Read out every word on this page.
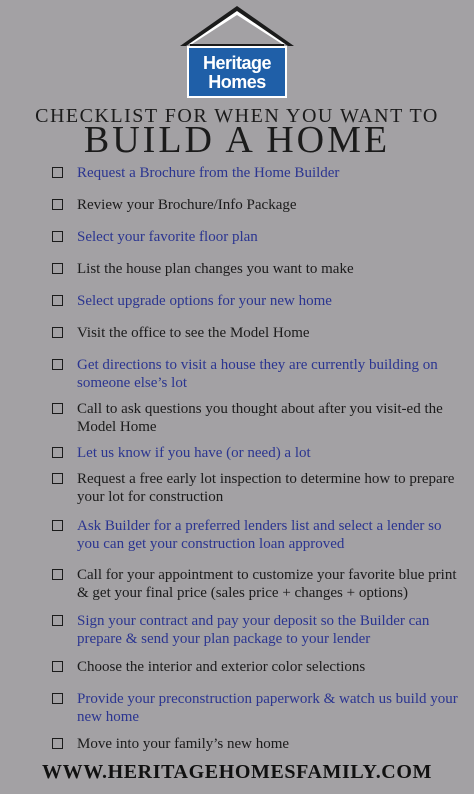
Heritage
Homes
CHECKLIST FOR WHEN YOU WANT TO
BUILD A HOME
Request a Brochure from the Home Builder
Review your Brochure/Info Package
Select your favorite floor plan
List the house plan changes you want to make
Select upgrade options for your new home
Visit the office to see the Model Home
Get directions to visit a house they are currently building on someone else’s lot
Call to ask questions you thought about after you visit-ed the Model Home
Let us know if you have (or need) a lot
Request a free early lot inspection to determine how to prepare your lot for construction
Ask Builder for a preferred lenders list and select a lender so you can get your construction loan approved
Call for your appointment to customize your favorite blue print & get your final price (sales price + changes + options)
Sign your contract and pay your deposit so the Builder can prepare & send your plan package to your lender
Choose the interior and exterior color selections
Provide your preconstruction paperwork & watch us build your new home
Move into your family’s new home
WWW.HERITAGEHOMESFAMILY.COM
